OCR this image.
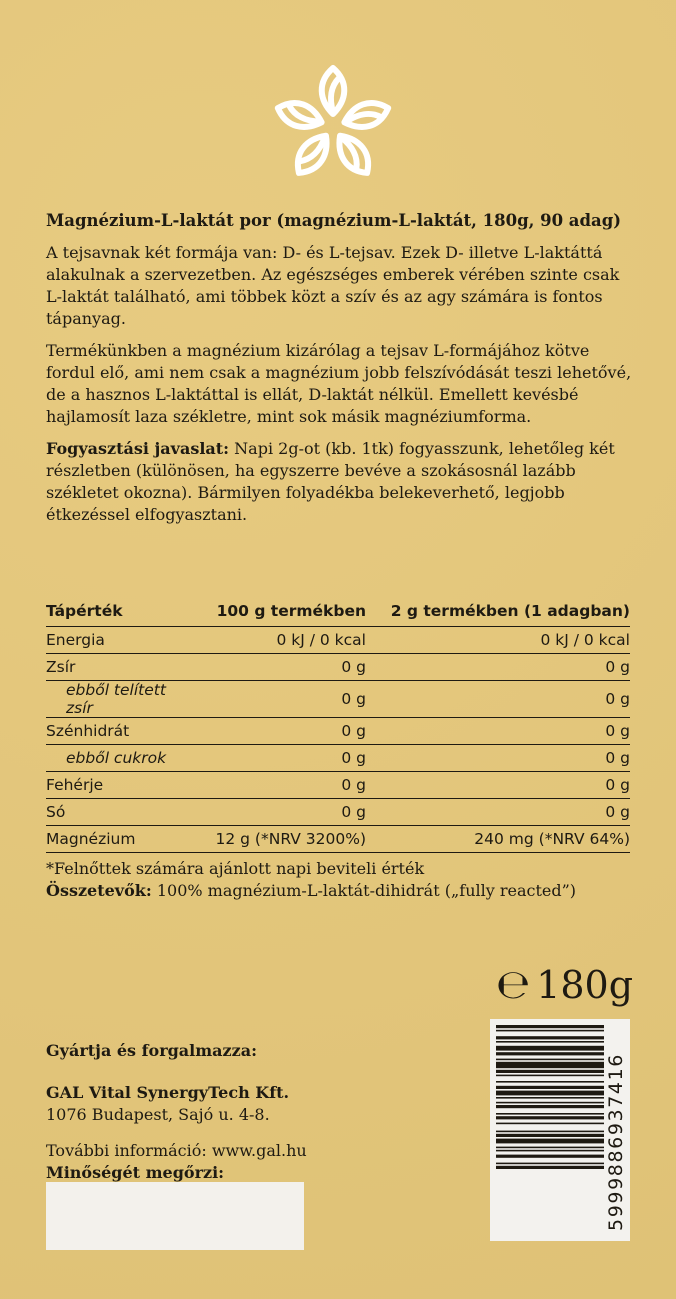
Magnézium-L-laktát por (magnézium-L-laktát, 180g, 90 adag)

A tejsavnak két formája van: D- és L-tejsav. Ezek D- illetve L-laktáttá alakulnak a szervezetben. Az egészséges emberek vérében szinte csak L-laktát található, ami többek közt a szív és az agy számára is fontos tápanyag.

Termékünkben a magnézium kizárólag a tejsav L-formájához kötve fordul elő, ami nem csak a magnézium jobb felszívódását teszi lehetővé, de a hasznos L-laktáttal is ellát, D-laktát nélkül. Emellett kevésbé hajlamosít laza székletre, mint sok másik magnéziumforma.

Fogyasztási javaslat: Napi 2g-ot (kb. 1tk) fogyasszunk, lehetőleg két részletben (különösen, ha egyszerre bevéve a szokásosnál lazább székletet okozna). Bármilyen folyadékba belekeverhető, legjobb étkezéssel elfogyasztani.

Tápérték	100 g termékben	2 g termékben (1 adagban)
Energia	0 kJ / 0 kcal	0 kJ / 0 kcal
Zsír	0 g	0 g
ebből telített zsír	0 g	0 g
Szénhidrát	0 g	0 g
ebből cukrok	0 g	0 g
Fehérje	0 g	0 g
Só	0 g	0 g
Magnézium	12 g (*NRV 3200%)	240 mg (*NRV 64%)
*Felnőttek számára ajánlott napi beviteli érték
Összetevők: 100% magnézium-L-laktát-dihidrát („fully reacted”)
℮ 180g
Gyártja és forgalmazza:
GAL Vital SynergyTech Kft.
1076 Budapest, Sajó u. 4-8.
További információ: www.gal.hu
Minőségét megőrzi:	5999886937416
